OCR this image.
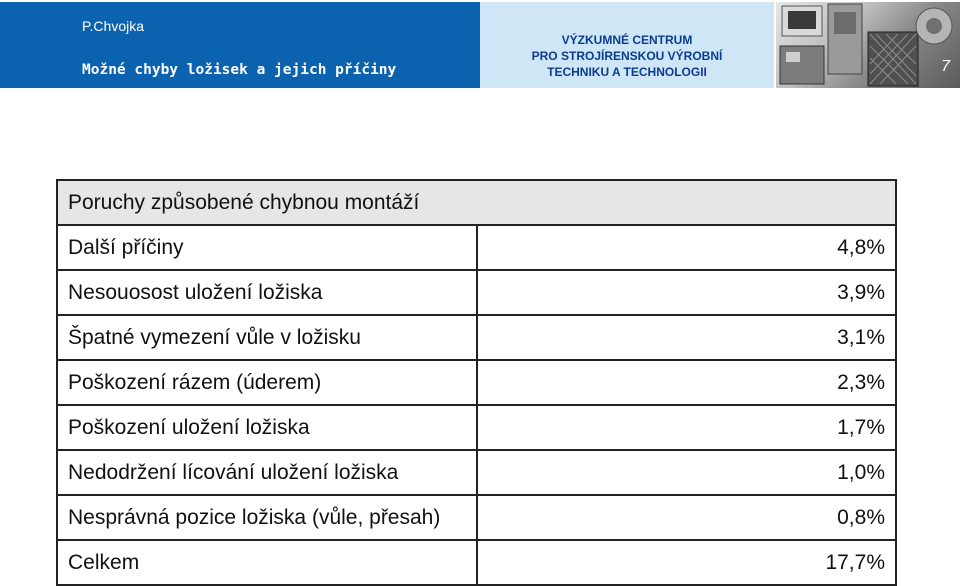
P.Chvojka
Možné chyby ložisek a jejich příčiny
VÝZKUMNÉ CENTRUM
PRO STROJÍRENSKOU VÝROBNÍ
TECHNIKU A TECHNOLOGII	7
Poruchy způsobené chybnou montáží	
Další příčiny	4,8%
Nesouosost uložení ložiska	3,9%
Špatné vymezení vůle v ložisku	3,1%
Poškození rázem (úderem)	2,3%
Poškození uložení ložiska	1,7%
Nedodržení lícování uložení ložiska	1,0%
Nesprávná pozice ložiska (vůle, přesah)	0,8%
Celkem	17,7%
